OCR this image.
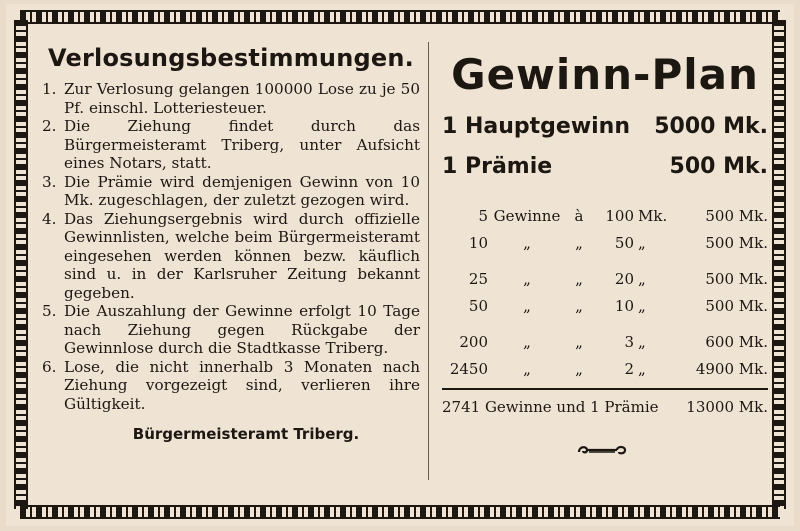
Verlosungsbestimmungen.
1. Zur Verlosung gelangen 100000 Lose zu je 50 Pf. einschl. Lotteriesteuer.
2. Die Ziehung findet durch das Bürgermeisteramt Triberg, unter Aufsicht eines Notars, statt.
3. Die Prämie wird demjenigen Gewinn von 10 Mk. zugeschlagen, der zuletzt gezogen wird.
4. Das Ziehungsergebnis wird durch offizielle Gewinnlisten, welche beim Bürgermeisteramt eingesehen werden können bezw. käuflich sind u. in der Karlsruher Zeitung bekannt gegeben.
5. Die Auszahlung der Gewinne erfolgt 10 Tage nach Ziehung gegen Rückgabe der Gewinnlose durch die Stadtkasse Triberg.
6. Lose, die nicht innerhalb 3 Monaten nach Ziehung vorgezeigt sind, verlieren ihre Gültigkeit.
Bürgermeisteramt Triberg.
Gewinn-Plan
1 Hauptgewinn 5000 Mk.
1 Prämie	500 Mk.
5 Gewinne à	100 Mk.	500 Mk.
10	„	„	50 „	500 Mk.
25	„	„	20 „	500 Mk.
50	„	„	10 „	500 Mk.
200	„	„	3 „	600 Mk.
2450	„	„	2 „	4900 Mk.
2741 Gewinne und 1 Prämie 13000 Mk.
